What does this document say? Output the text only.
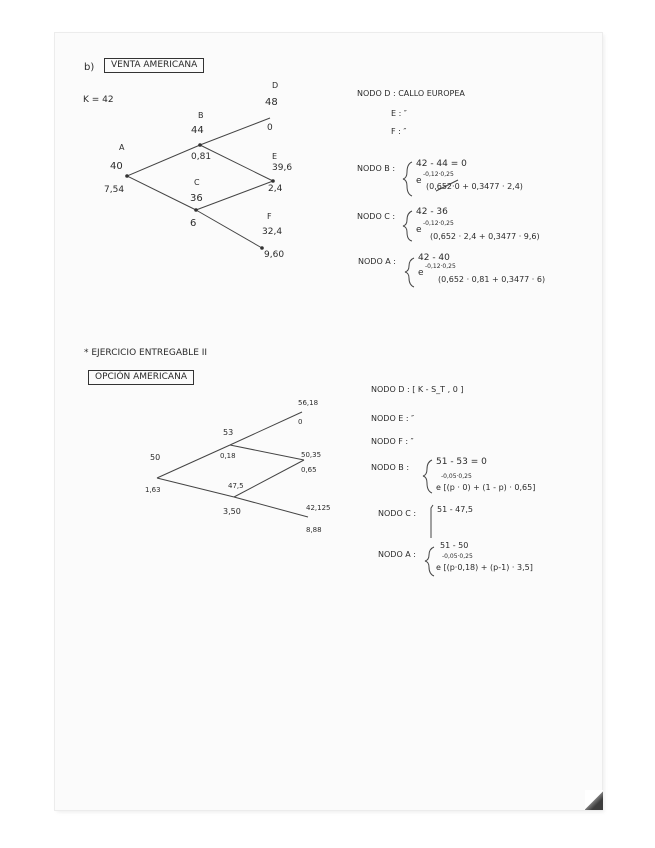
b)	VENTA AMERICANA
K = 42
A
40
7,54
B
44
0,81
C
36
6
D
48
0
E
39,6
2,4
F
32,4
9,60
NODO D : CALLO EUROPEA
E : ″
F : ″
NODO B : 42 - 44 = 0
e
-0,12·0,25
(0,652·0 + 0,3477 · 2,4)
NODO C : 42 - 36
e
-0,12·0,25
(0,652 · 2,4 + 0,3477 · 9,6)
NODO A : 42 - 40
e
-0,12·0,25
(0,652 · 0,81 + 0,3477 · 6)
* EJERCICIO ENTREGABLE II
OPCIÓN AMERICANA
50
1,63
53
0,18
47,5
3,50
56,18
0
50,35
0,65
42,125
8,88
NODO D : [ K - S_T , 0 ]
NODO E : ″
NODO F : ″
NODO B :
51 - 53 = 0
-0,05·0,25
e [(p · 0) + (1 - p) · 0,65]
NODO C :	51 - 47,5
NODO A :
51 - 50
-0,05·0,25
e [(p·0,18) + (p-1) · 3,5]
